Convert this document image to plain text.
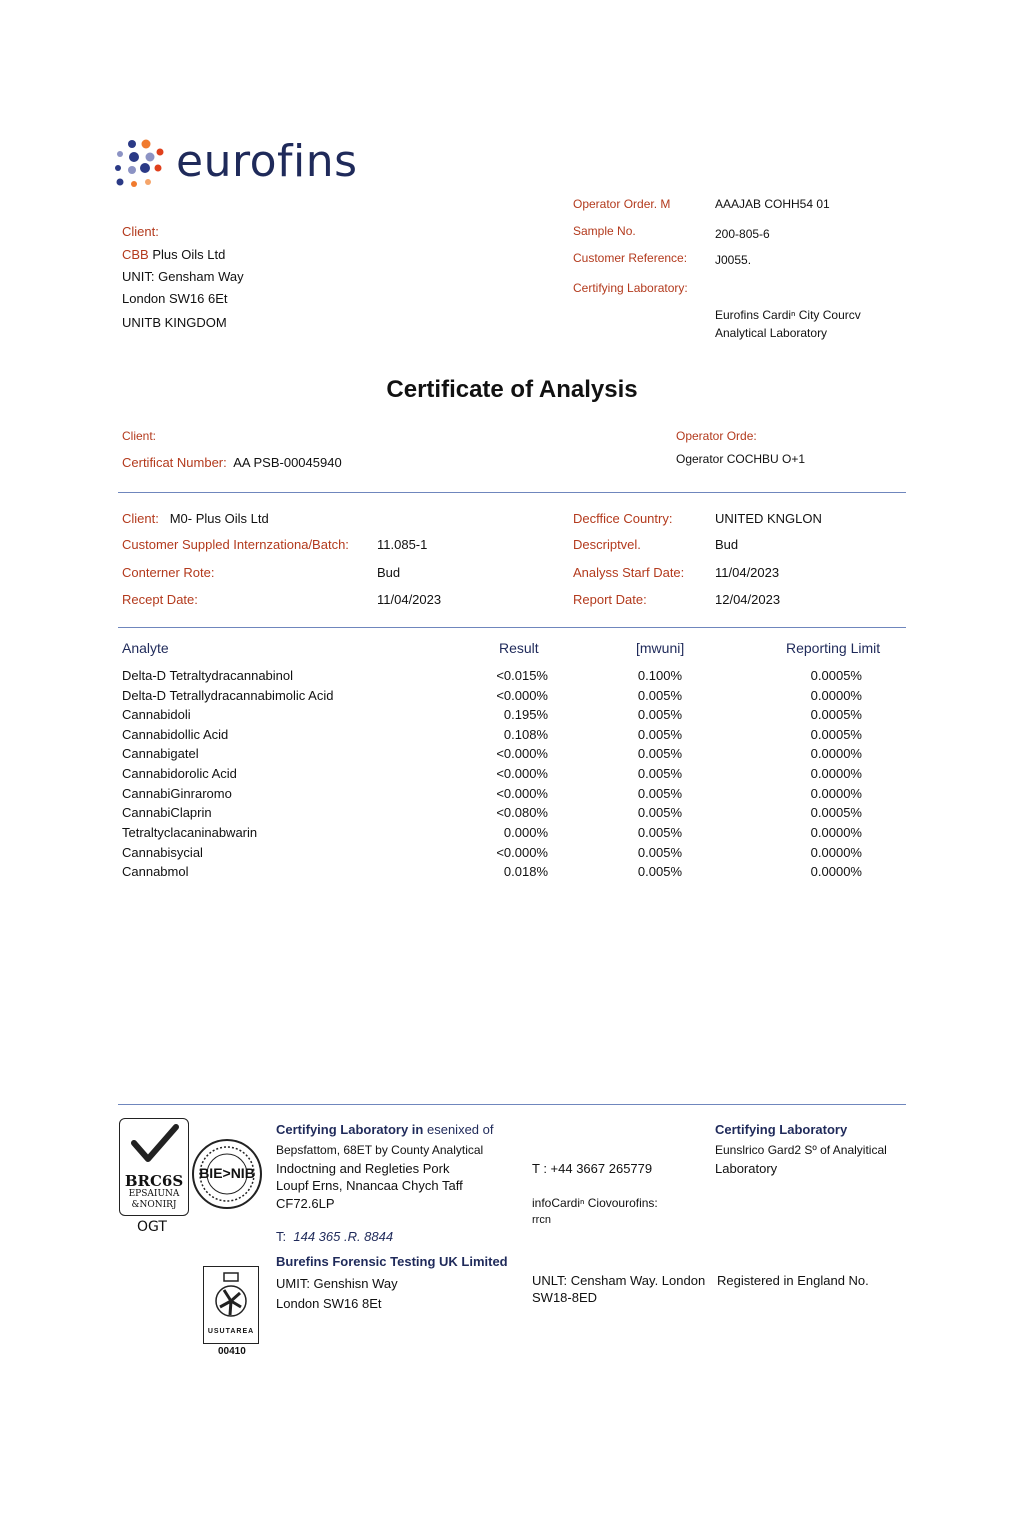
eurofins
Client:
CBB Plus Oils Ltd
UNIT: Gensham Way
London SW16 6Et
UNITB KINGDOM
Operator Order. M	AAAJAB COHH54 01
Sample No.	200-805-6
Customer Reference: J0055.
Certifying Laboratory:
Eurofins Cardiⁿ City Courcv
Analytical Laboratory
Certificate of Analysis
Client:
Certificat Number: AA PSB-00045940
Operator Orde:
Ogerator COCHBU O+1
Client: M0- Plus Oils Ltd
Customer Suppled Internzationa/Batch: 11.085-1
Conterner Rote:	Bud
Recept Date:	11/04/2023
Decffice Country:	UNITED KNGLON
Descriptvel.	Bud
Analyss Starf Date: 11/04/2023
Report Date:	12/04/2023
Analyte	Result	[mwuni]	Reporting Limit
Delta-D Tetraltydracannabinol	<0.015%	0.100%	0.0005%
Delta-D Tetrallydracannabimolic Acid	<0.000%	0.005%	0.0000%
Cannabidoli	0.195%	0.005%	0.0005%
Cannabidollic Acid	0.108%	0.005%	0.0005%
Cannabigatel	<0.000%	0.005%	0.0000%
Cannabidorolic Acid	<0.000%	0.005%	0.0000%
CannabiGinraromo	<0.000%	0.005%	0.0000%
CannabiClaprin	<0.080%	0.005%	0.0005%
Tetraltyclacaninabwarin	0.000%	0.005%	0.0000%
Cannabisycial	<0.000%	0.005%	0.0000%
Cannabmol	0.018%	0.005%	0.0000%
BRC6S
EPSAIUNA
&NONIRJ
OGT
BIE>NIB
USUTAREA
00410
Certifying Laboratory in esenixed of
Bepsfattom, 68ET by County Analytical
Indoctning and Regleties Pork
Loupf Erns, Nnancaa Chych Taff
CF72.6LP
T: 144 365 .R. 8844
Burefins Forensic Testing UK Limited
UMIT: Genshisn Way
London SW16 8Et
T : +44 3667 265779
infoCardiⁿ Ciovourofins:
rrcn
UNLT: Censham Way. London
SW18-8ED
Certifying Laboratory
Eunslrico Gard2 Sº of Analyitical
Laboratory
Registered in England No.
